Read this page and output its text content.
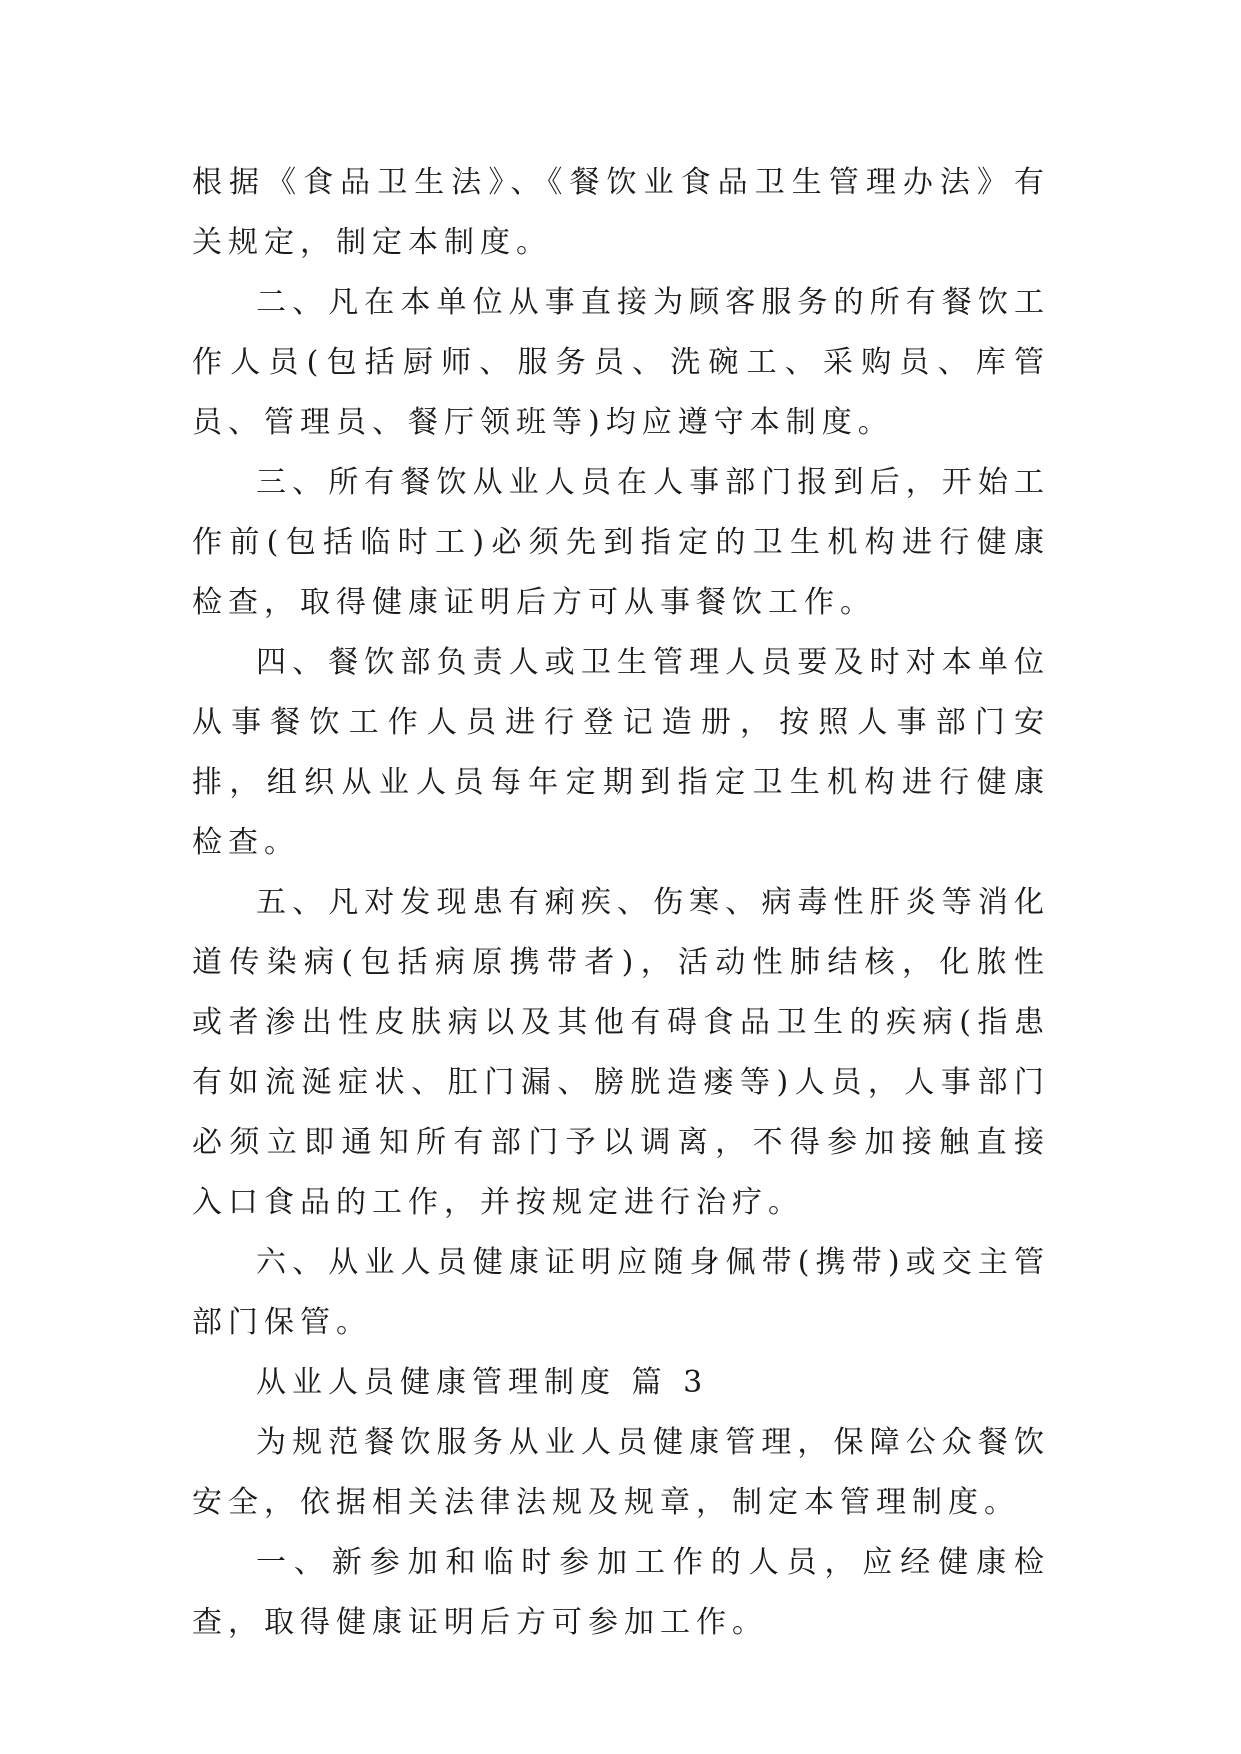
根据《食品卫生法》、《餐饮业食品卫生管理办法》有关规定，制定本制度。

二、凡在本单位从事直接为顾客服务的所有餐饮工作人员(包括厨师、服务员、洗碗工、采购员、库管员、管理员、餐厅领班等)均应遵守本制度。

三、所有餐饮从业人员在人事部门报到后，开始工作前(包括临时工)必须先到指定的卫生机构进行健康检查，取得健康证明后方可从事餐饮工作。

四、餐饮部负责人或卫生管理人员要及时对本单位从事餐饮工作人员进行登记造册，按照人事部门安排，组织从业人员每年定期到指定卫生机构进行健康检查。

五、凡对发现患有痢疾、伤寒、病毒性肝炎等消化道传染病(包括病原携带者)，活动性肺结核，化脓性或者渗出性皮肤病以及其他有碍食品卫生的疾病(指患有如流涎症状、肛门漏、膀胱造瘘等)人员，人事部门必须立即通知所有部门予以调离，不得参加接触直接入口食品的工作，并按规定进行治疗。

六、从业人员健康证明应随身佩带(携带)或交主管部门保管。

从业人员健康管理制度 篇 3

为规范餐饮服务从业人员健康管理，保障公众餐饮安全，依据相关法律法规及规章，制定本管理制度。

一、新参加和临时参加工作的人员，应经健康检查，取得健康证明后方可参加工作。
